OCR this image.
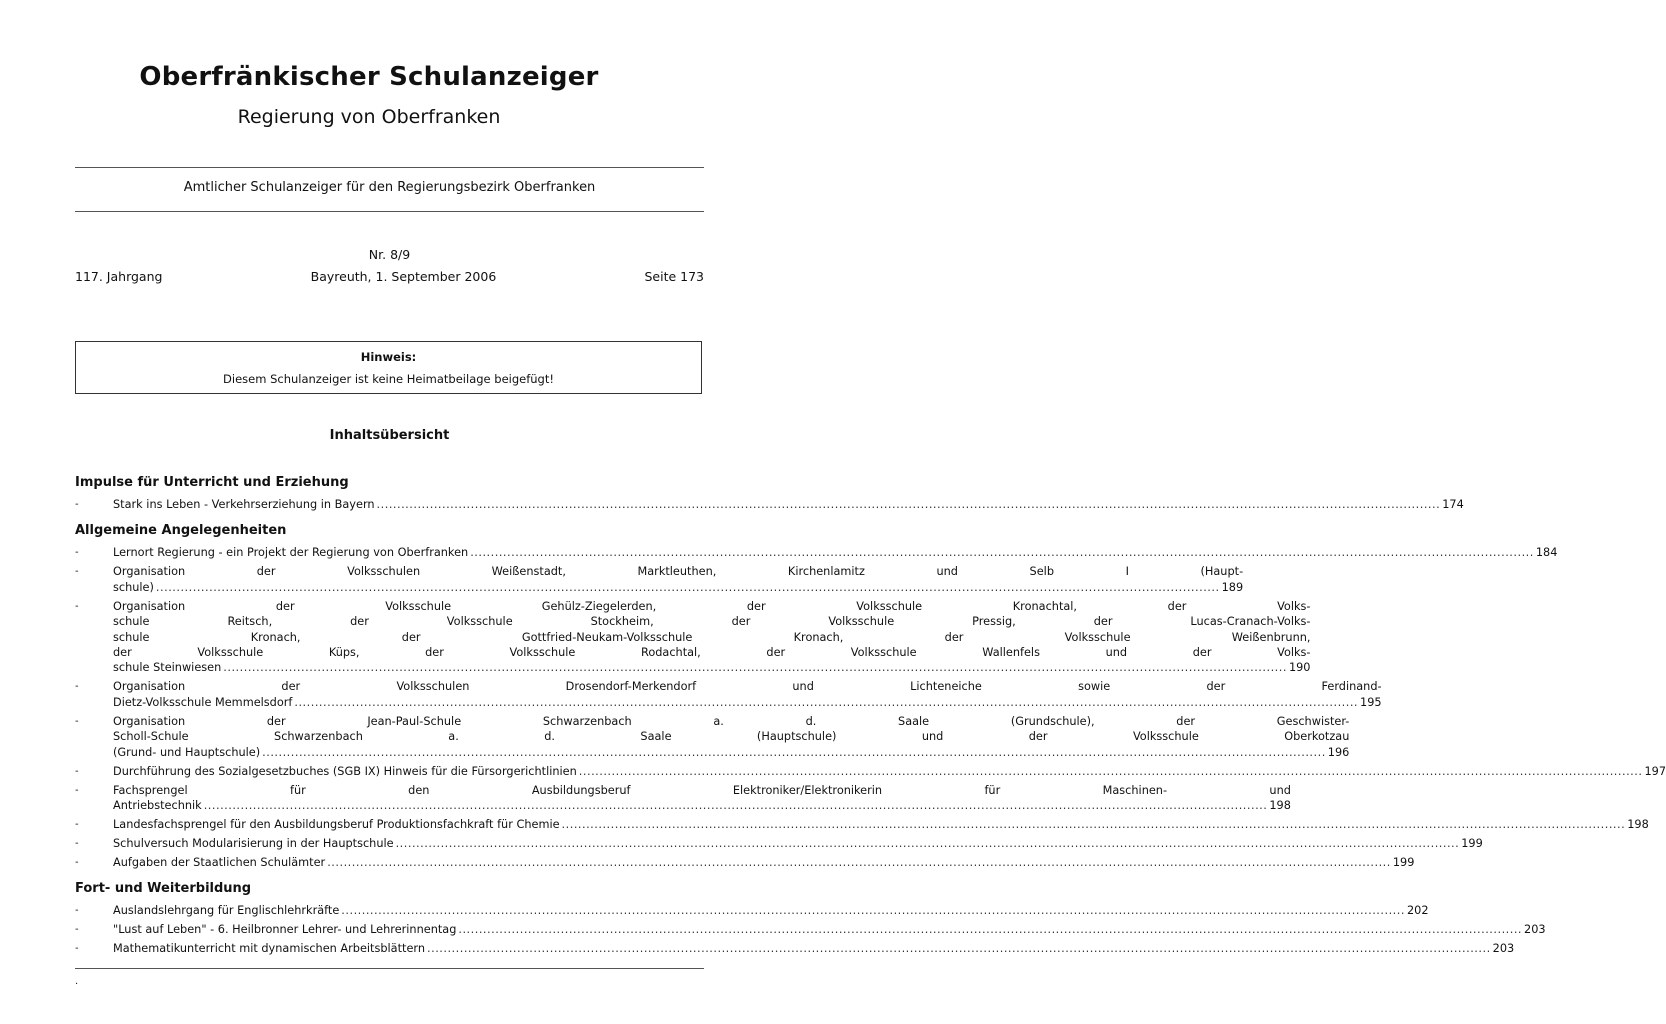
Oberfränkischer Schulanzeiger
Regierung von Oberfranken
Amtlicher Schulanzeiger für den Regierungsbezirk Oberfranken
Nr. 8/9
117. Jahrgang	Bayreuth, 1. September 2006	Seite 173
Hinweis:
Diesem Schulanzeiger ist keine Heimatbeilage beigefügt!
Inhaltsübersicht
Impulse für Unterricht und Erziehung
-	Stark ins Leben - Verkehrserziehung in Bayern .................................................................................................................................................................................................................................................................... 174
Allgemeine Angelegenheiten
-	Lernort Regierung - ein Projekt der Regierung von Oberfranken .................................................................................................................................................................................................................................................................... 184
-	Organisation der Volksschulen Weißenstadt, Marktleuthen, Kirchenlamitz und Selb I (Haupt-
schule) .................................................................................................................................................................................................................................................................... 189
-	Organisation der Volksschule Gehülz-Ziegelerden, der Volksschule Kronachtal, der Volks-
schule Reitsch, der Volksschule Stockheim, der Volksschule Pressig, der Lucas-Cranach-Volks-
schule Kronach, der Gottfried-Neukam-Volksschule Kronach, der Volksschule Weißenbrunn,
der Volksschule Küps, der Volksschule Rodachtal, der Volksschule Wallenfels und der Volks-
schule Steinwiesen .................................................................................................................................................................................................................................................................... 190
-	Organisation der Volksschulen Drosendorf-Merkendorf und Lichteneiche sowie der Ferdinand-
Dietz-Volksschule Memmelsdorf .................................................................................................................................................................................................................................................................... 195
-	Organisation der Jean-Paul-Schule Schwarzenbach a. d. Saale (Grundschule), der Geschwister-
Scholl-Schule Schwarzenbach a. d. Saale (Hauptschule) und der Volksschule Oberkotzau
(Grund- und Hauptschule) .................................................................................................................................................................................................................................................................... 196
-	Durchführung des Sozialgesetzbuches (SGB IX) Hinweis für die Fürsorgerichtlinien .................................................................................................................................................................................................................................................................... 197
-	Fachsprengel für den Ausbildungsberuf Elektroniker/Elektronikerin für Maschinen- und
Antriebstechnik .................................................................................................................................................................................................................................................................... 198
-	Landesfachsprengel für den Ausbildungsberuf Produktionsfachkraft für Chemie .................................................................................................................................................................................................................................................................... 198
-	Schulversuch Modularisierung in der Hauptschule .................................................................................................................................................................................................................................................................... 199
-	Aufgaben der Staatlichen Schulämter .................................................................................................................................................................................................................................................................... 199
Fort- und Weiterbildung
-	Auslandslehrgang für Englischlehrkräfte .................................................................................................................................................................................................................................................................... 202
-	"Lust auf Leben" - 6. Heilbronner Lehrer- und Lehrerinnentag .................................................................................................................................................................................................................................................................... 203
-	Mathematikunterricht mit dynamischen Arbeitsblättern .................................................................................................................................................................................................................................................................... 203
.
